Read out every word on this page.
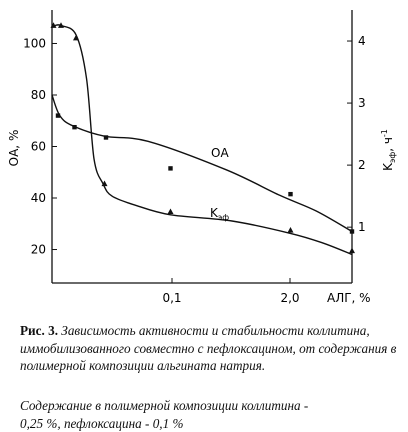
20
40
60
80
100
1
2
3
4
0,1	2,0 АЛГ, %
ОА, %
$K_{эф}$, $ч^{-1}$
ОА
$K_{эф}$
Рис. 3. Зависимость активности и стабильности коллитина, иммобилизованного совместно с пефлоксацином, от содержания в полимерной композиции альгината натрия.
Содержание в полимерной композиции коллитина -
0,25 %, пефлоксацина - 0,1 %
